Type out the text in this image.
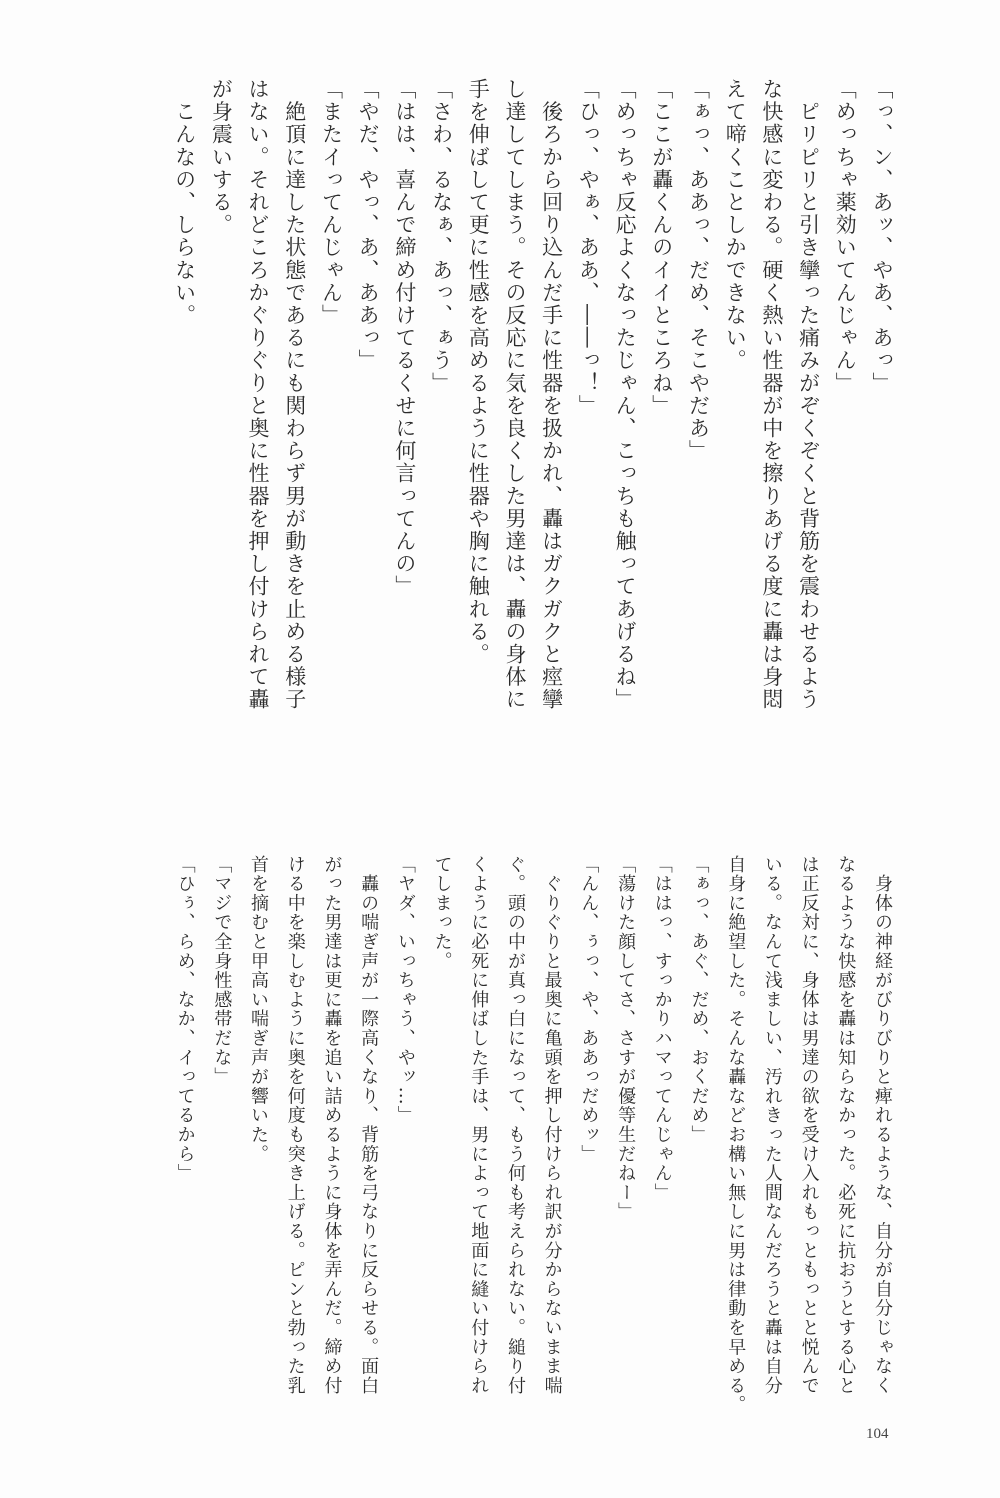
「っ、ン、あッ、やあ、あっ」
「めっちゃ薬効いてんじゃん」
　ピリピリと引き攣った痛みがぞくぞくと背筋を震わせるよう
な快感に変わる。硬く熱い性器が中を擦りあげる度に轟は身悶
えて啼くことしかできない。
「ぁっ、ああっ、だめ、そこやだあ」
「ここが轟くんのイイところね」
「めっちゃ反応よくなったじゃん、こっちも触ってあげるね」
「ひっ、やぁ、ああ、――っ！」
　後ろから回り込んだ手に性器を扱かれ、轟はガクガクと痙攣
し達してしまう。その反応に気を良くした男達は、轟の身体に
手を伸ばして更に性感を高めるように性器や胸に触れる。
「さわ、るなぁ、あっ、ぁう」
「はは、喜んで締め付けてるくせに何言ってんの」
「やだ、やっ、あ、ああっ」
「またイってんじゃん」
　絶頂に達した状態であるにも関わらず男が動きを止める様子
はない。それどころかぐりぐりと奥に性器を押し付けられて轟
が身震いする。
　こんなの、しらない。
　身体の神経がびりびりと痺れるような、自分が自分じゃなく
なるような快感を轟は知らなかった。必死に抗おうとする心と
は正反対に、身体は男達の欲を受け入れもっともっとと悦んで
いる。なんて浅ましい、汚れきった人間なんだろうと轟は自分
自身に絶望した。そんな轟などお構い無しに男は律動を早める。
「ぁっ、あぐ、だめ、おくだめ」
「ははっ、すっかりハマってんじゃん」
「蕩けた顔してさ、さすが優等生だねー」
「んん、ぅっ、や、ああっだめッ」
　ぐりぐりと最奥に亀頭を押し付けられ訳が分からないまま喘
ぐ。頭の中が真っ白になって、もう何も考えられない。縋り付
くように必死に伸ばした手は、男によって地面に縫い付けられ
てしまった。
「ヤダ、いっちゃう、やッ…」
　轟の喘ぎ声が一際高くなり、背筋を弓なりに反らせる。面白
がった男達は更に轟を追い詰めるように身体を弄んだ。締め付
ける中を楽しむように奥を何度も突き上げる。ピンと勃った乳
首を摘むと甲高い喘ぎ声が響いた。
「マジで全身性感帯だな」
「ひぅ、らめ、なか、イってるから」
104
